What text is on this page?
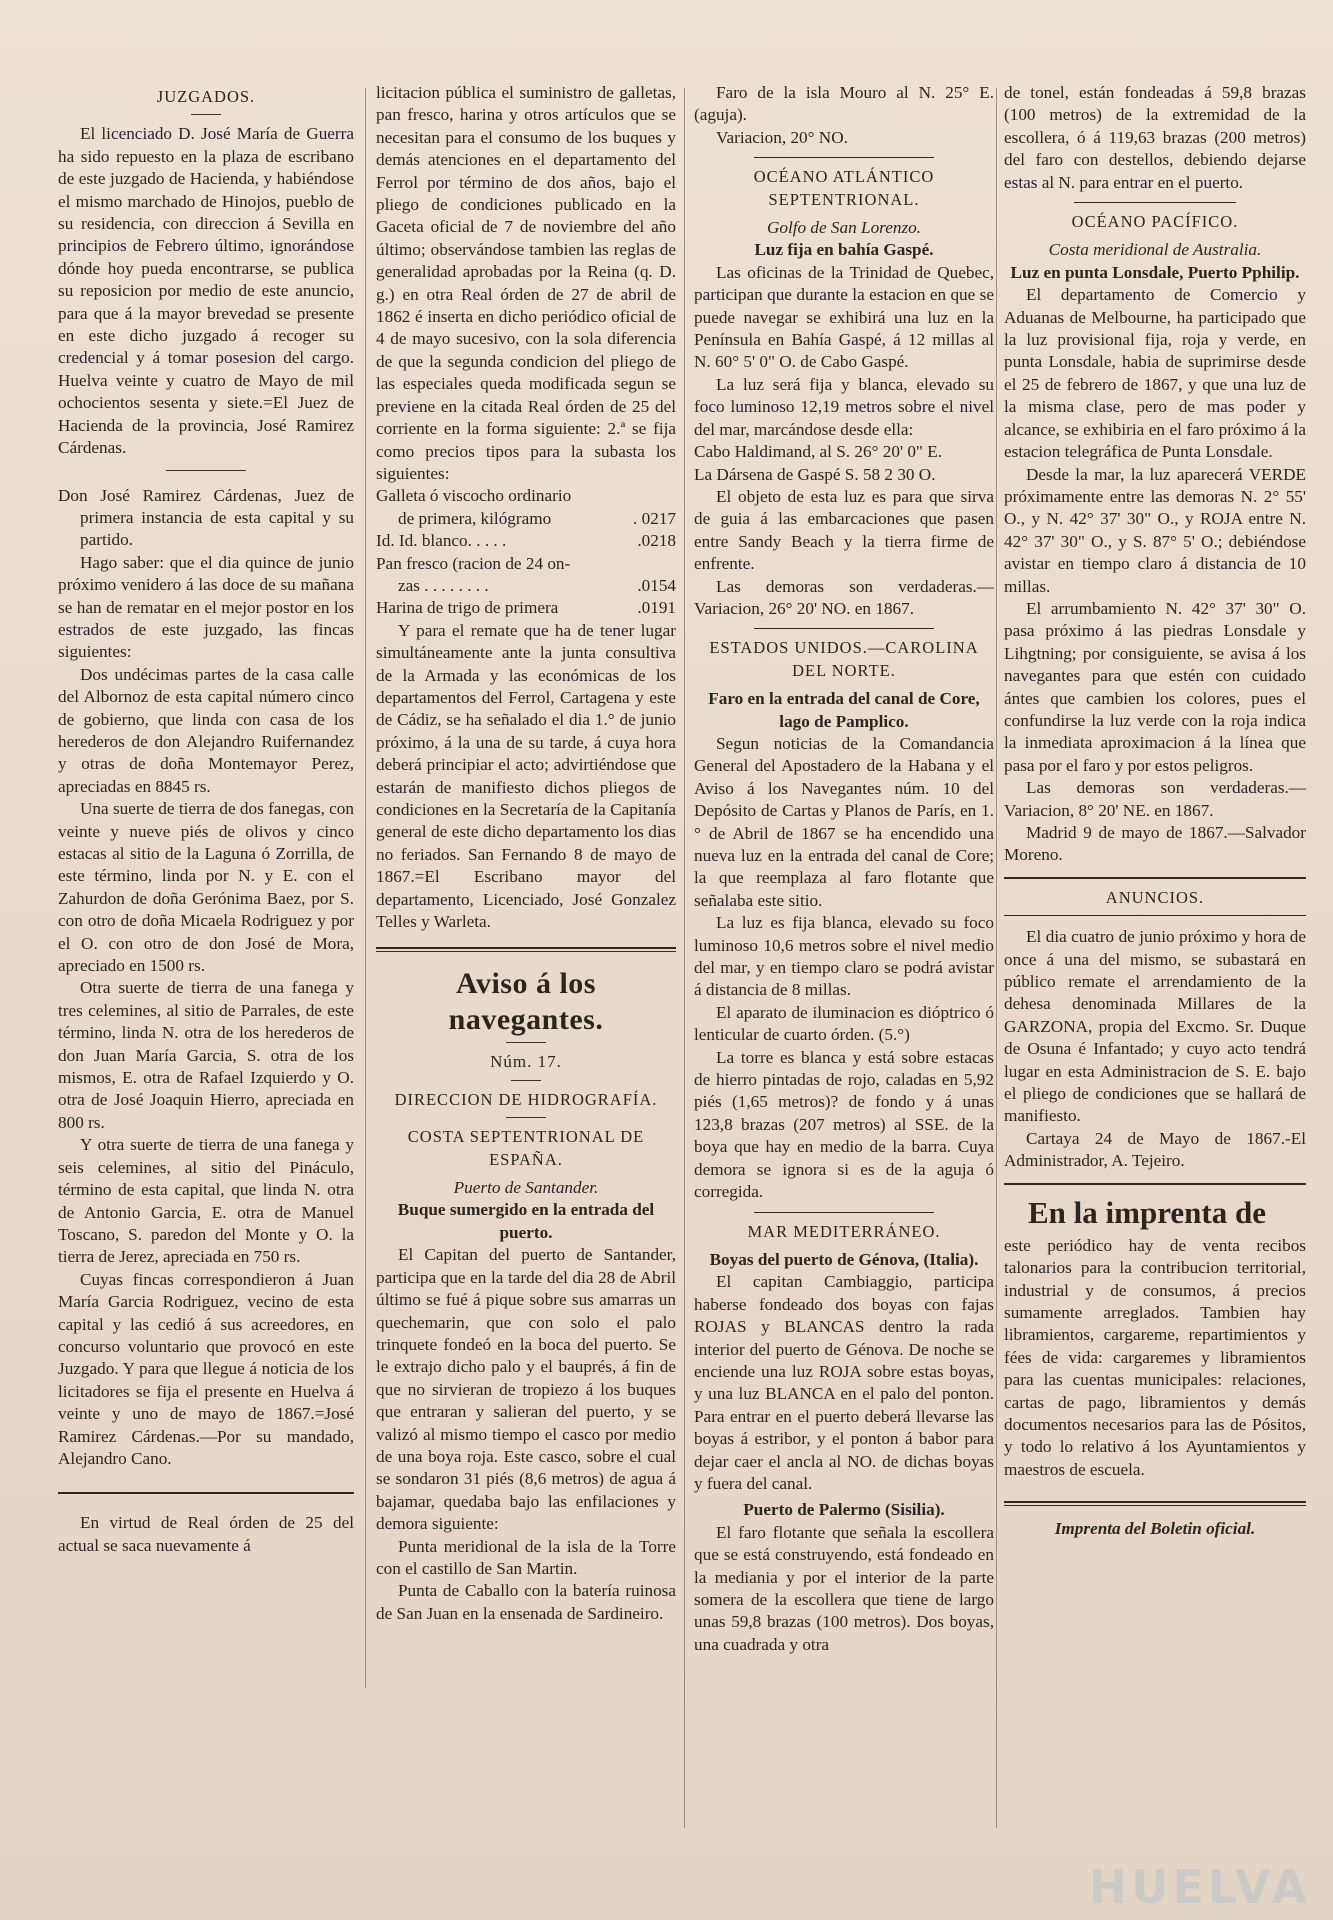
JUZGADOS.

El licenciado D. José María de Guerra ha sido repuesto en la plaza de escribano de este juzgado de Hacienda, y habiéndose el mismo marchado de Hinojos, pueblo de su residencia, con direccion á Sevilla en principios de Febrero último, ignorándose dónde hoy pueda encontrarse, se publica su reposicion por medio de este anuncio, para que á la mayor brevedad se presente en este dicho juzgado á recoger su credencial y á tomar posesion del cargo. Huelva veinte y cuatro de Mayo de mil ochocientos sesenta y siete.=El Juez de Hacienda de la provincia, José Ramirez Cárdenas.

Don José Ramirez Cárdenas, Juez de primera instancia de esta capital y su partido.

Hago saber: que el dia quince de junio próximo venidero á las doce de su mañana se han de rematar en el mejor postor en los estrados de este juzgado, las fincas siguientes:

Dos undécimas partes de la casa calle del Albornoz de esta capital número cinco de gobierno, que linda con casa de los herederos de don Alejandro Ruifernandez y otras de doña Montemayor Perez, apreciadas en 8845 rs.

Una suerte de tierra de dos fanegas, con veinte y nueve piés de olivos y cinco estacas al sitio de la Laguna ó Zorrilla, de este término, linda por N. y E. con el Zahurdon de doña Gerónima Baez, por S. con otro de doña Micaela Rodriguez y por el O. con otro de don José de Mora, apreciado en 1500 rs.

Otra suerte de tierra de una fanega y tres celemines, al sitio de Parrales, de este término, linda N. otra de los herederos de don Juan María Garcia, S. otra de los mismos, E. otra de Rafael Izquierdo y O. otra de José Joaquin Hierro, apreciada en 800 rs.

Y otra suerte de tierra de una fanega y seis celemines, al sitio del Pináculo, término de esta capital, que linda N. otra de Antonio Garcia, E. otra de Manuel Toscano, S. paredon del Monte y O. la tierra de Jerez, apreciada en 750 rs.

Cuyas fincas correspondieron á Juan María Garcia Rodriguez, vecino de esta capital y las cedió á sus acreedores, en concurso voluntario que provocó en este Juzgado. Y para que llegue á noticia de los licitadores se fija el presente en Huelva á veinte y uno de mayo de 1867.=José Ramirez Cárdenas.—Por su mandado, Alejandro Cano.

En virtud de Real órden de 25 del actual se saca nuevamente á

licitacion pública el suministro de galletas, pan fresco, harina y otros artículos que se necesitan para el consumo de los buques y demás atenciones en el departamento del Ferrol por término de dos años, bajo el pliego de condiciones publicado en la Gaceta oficial de 7 de noviembre del año último; observándose tambien las reglas de generalidad aprobadas por la Reina (q. D. g.) en otra Real órden de 27 de abril de 1862 é inserta en dicho periódico oficial de 4 de mayo sucesivo, con la sola diferencia de que la segunda condicion del pliego de las especiales queda modificada segun se previene en la citada Real órden de 25 del corriente en la forma siguiente: 2.ª se fija como precios tipos para la subasta los siguientes:

Galleta ó viscocho ordinario
de primera, kilógramo	. 0217
Id. Id. blanco. . . . .	.0218
Pan fresco (racion de 24 on-
zas . . . . . . . .	.0154
Harina de trigo de primera	.0191

Y para el remate que ha de tener lugar simultáneamente ante la junta consultiva de la Armada y las económicas de los departamentos del Ferrol, Cartagena y este de Cádiz, se ha señalado el dia 1.° de junio próximo, á la una de su tarde, á cuya hora deberá principiar el acto; advirtiéndose que estarán de manifiesto dichos pliegos de condiciones en la Secretaría de la Capitanía general de este dicho departamento los dias no feriados. San Fernando 8 de mayo de 1867.=El Escribano mayor del departamento, Licenciado, José Gonzalez Telles y Warleta.

Aviso á los navegantes.
Núm. 17.
DIRECCION DE HIDROGRAFÍA.
COSTA SEPTENTRIONAL DE ESPAÑA.
Puerto de Santander.
Buque sumergido en la entrada del puerto.

El Capitan del puerto de Santander, participa que en la tarde del dia 28 de Abril último se fué á pique sobre sus amarras un quechemarin, que con solo el palo trinquete fondeó en la boca del puerto. Se le extrajo dicho palo y el bauprés, á fin de que no sirvieran de tropiezo á los buques que entraran y salieran del puerto, y se valizó al mismo tiempo el casco por medio de una boya roja. Este casco, sobre el cual se sondaron 31 piés (8,6 metros) de agua á bajamar, quedaba bajo las enfilaciones y demora siguiente:

Punta meridional de la isla de la Torre con el castillo de San Martin.

Punta de Caballo con la batería ruinosa de San Juan en la ensenada de Sardineiro.

Faro de la isla Mouro al N. 25° E. (aguja).

Variacion, 20° NO.

OCÉANO ATLÁNTICO SEPTENTRIONAL.
Golfo de San Lorenzo.
Luz fija en bahía Gaspé.

Las oficinas de la Trinidad de Quebec, participan que durante la estacion en que se puede navegar se exhibirá una luz en la Península en Bahía Gaspé, á 12 millas al N. 60° 5' 0" O. de Cabo Gaspé.

La luz será fija y blanca, elevado su foco luminoso 12,19 metros sobre el nivel del mar, marcándose desde ella:

Cabo Haldimand, al S. 26° 20' 0" E.
La Dársena de Gaspé S. 58 2 30 O.

El objeto de esta luz es para que sirva de guia á las embarcaciones que pasen entre Sandy Beach y la tierra firme de enfrente.

Las demoras son verdaderas.—Variacion, 26° 20' NO. en 1867.

ESTADOS UNIDOS.—CAROLINA DEL NORTE.
Faro en la entrada del canal de Core, lago de Pamplico.

Segun noticias de la Comandancia General del Apostadero de la Habana y el Aviso á los Navegantes núm. 10 del Depósito de Cartas y Planos de París, en 1.° de Abril de 1867 se ha encendido una nueva luz en la entrada del canal de Core; la que reemplaza al faro flotante que señalaba este sitio.

La luz es fija blanca, elevado su foco luminoso 10,6 metros sobre el nivel medio del mar, y en tiempo claro se podrá avistar á distancia de 8 millas.

El aparato de iluminacion es dióptrico ó lenticular de cuarto órden. (5.°)

La torre es blanca y está sobre estacas de hierro pintadas de rojo, caladas en 5,92 piés (1,65 metros)? de fondo y á unas 123,8 brazas (207 metros) al SSE. de la boya que hay en medio de la barra. Cuya demora se ignora si es de la aguja ó corregida.

MAR MEDITERRÁNEO.
Boyas del puerto de Génova, (Italia).

El capitan Cambiaggio, participa haberse fondeado dos boyas con fajas ROJAS y BLANCAS dentro la rada interior del puerto de Génova. De noche se enciende una luz ROJA sobre estas boyas, y una luz BLANCA en el palo del ponton. Para entrar en el puerto deberá llevarse las boyas á estribor, y el ponton á babor para dejar caer el ancla al NO. de dichas boyas y fuera del canal.

Puerto de Palermo (Sisilia).

El faro flotante que señala la escollera que se está construyendo, está fondeado en la mediania y por el interior de la parte somera de la escollera que tiene de largo unas 59,8 brazas (100 metros). Dos boyas, una cuadrada y otra

de tonel, están fondeadas á 59,8 brazas (100 metros) de la extremidad de la escollera, ó á 119,63 brazas (200 metros) del faro con destellos, debiendo dejarse estas al N. para entrar en el puerto.

OCÉANO PACÍFICO.
Costa meridional de Australia.
Luz en punta Lonsdale, Puerto Pphilip.

El departamento de Comercio y Aduanas de Melbourne, ha participado que la luz provisional fija, roja y verde, en punta Lonsdale, habia de suprimirse desde el 25 de febrero de 1867, y que una luz de la misma clase, pero de mas poder y alcance, se exhibiria en el faro próximo á la estacion telegráfica de Punta Lonsdale.

Desde la mar, la luz aparecerá VERDE próximamente entre las demoras N. 2° 55' O., y N. 42° 37' 30" O., y ROJA entre N. 42° 37' 30" O., y S. 87° 5' O.; debiéndose avistar en tiempo claro á distancia de 10 millas.

El arrumbamiento N. 42° 37' 30" O. pasa próximo á las piedras Lonsdale y Lihgtning; por consiguiente, se avisa á los navegantes para que estén con cuidado ántes que cambien los colores, pues el confundirse la luz verde con la roja indica la inmediata aproximacion á la línea que pasa por el faro y por estos peligros.

Las demoras son verdaderas.—Variacion, 8° 20' NE. en 1867.

Madrid 9 de mayo de 1867.—Salvador Moreno.

ANUNCIOS.

El dia cuatro de junio próximo y hora de once á una del mismo, se subastará en público remate el arrendamiento de la dehesa denominada Millares de la GARZONA, propia del Excmo. Sr. Duque de Osuna é Infantado; y cuyo acto tendrá lugar en esta Administracion de S. E. bajo el pliego de condiciones que se hallará de manifiesto.

Cartaya 24 de Mayo de 1867.-El Administrador, A. Tejeiro.

En la imprenta de

este periódico hay de venta recibos talonarios para la contribucion territorial, industrial y de consumos, á precios sumamente arreglados. Tambien hay libramientos, cargareme, repartimientos y fées de vida: cargaremes y libramientos para las cuentas municipales: relaciones, cartas de pago, libramientos y demás documentos necesarios para las de Pósitos, y todo lo relativo á los Ayuntamientos y maestros de escuela.

Imprenta del Boletin oficial.
HUELVA
